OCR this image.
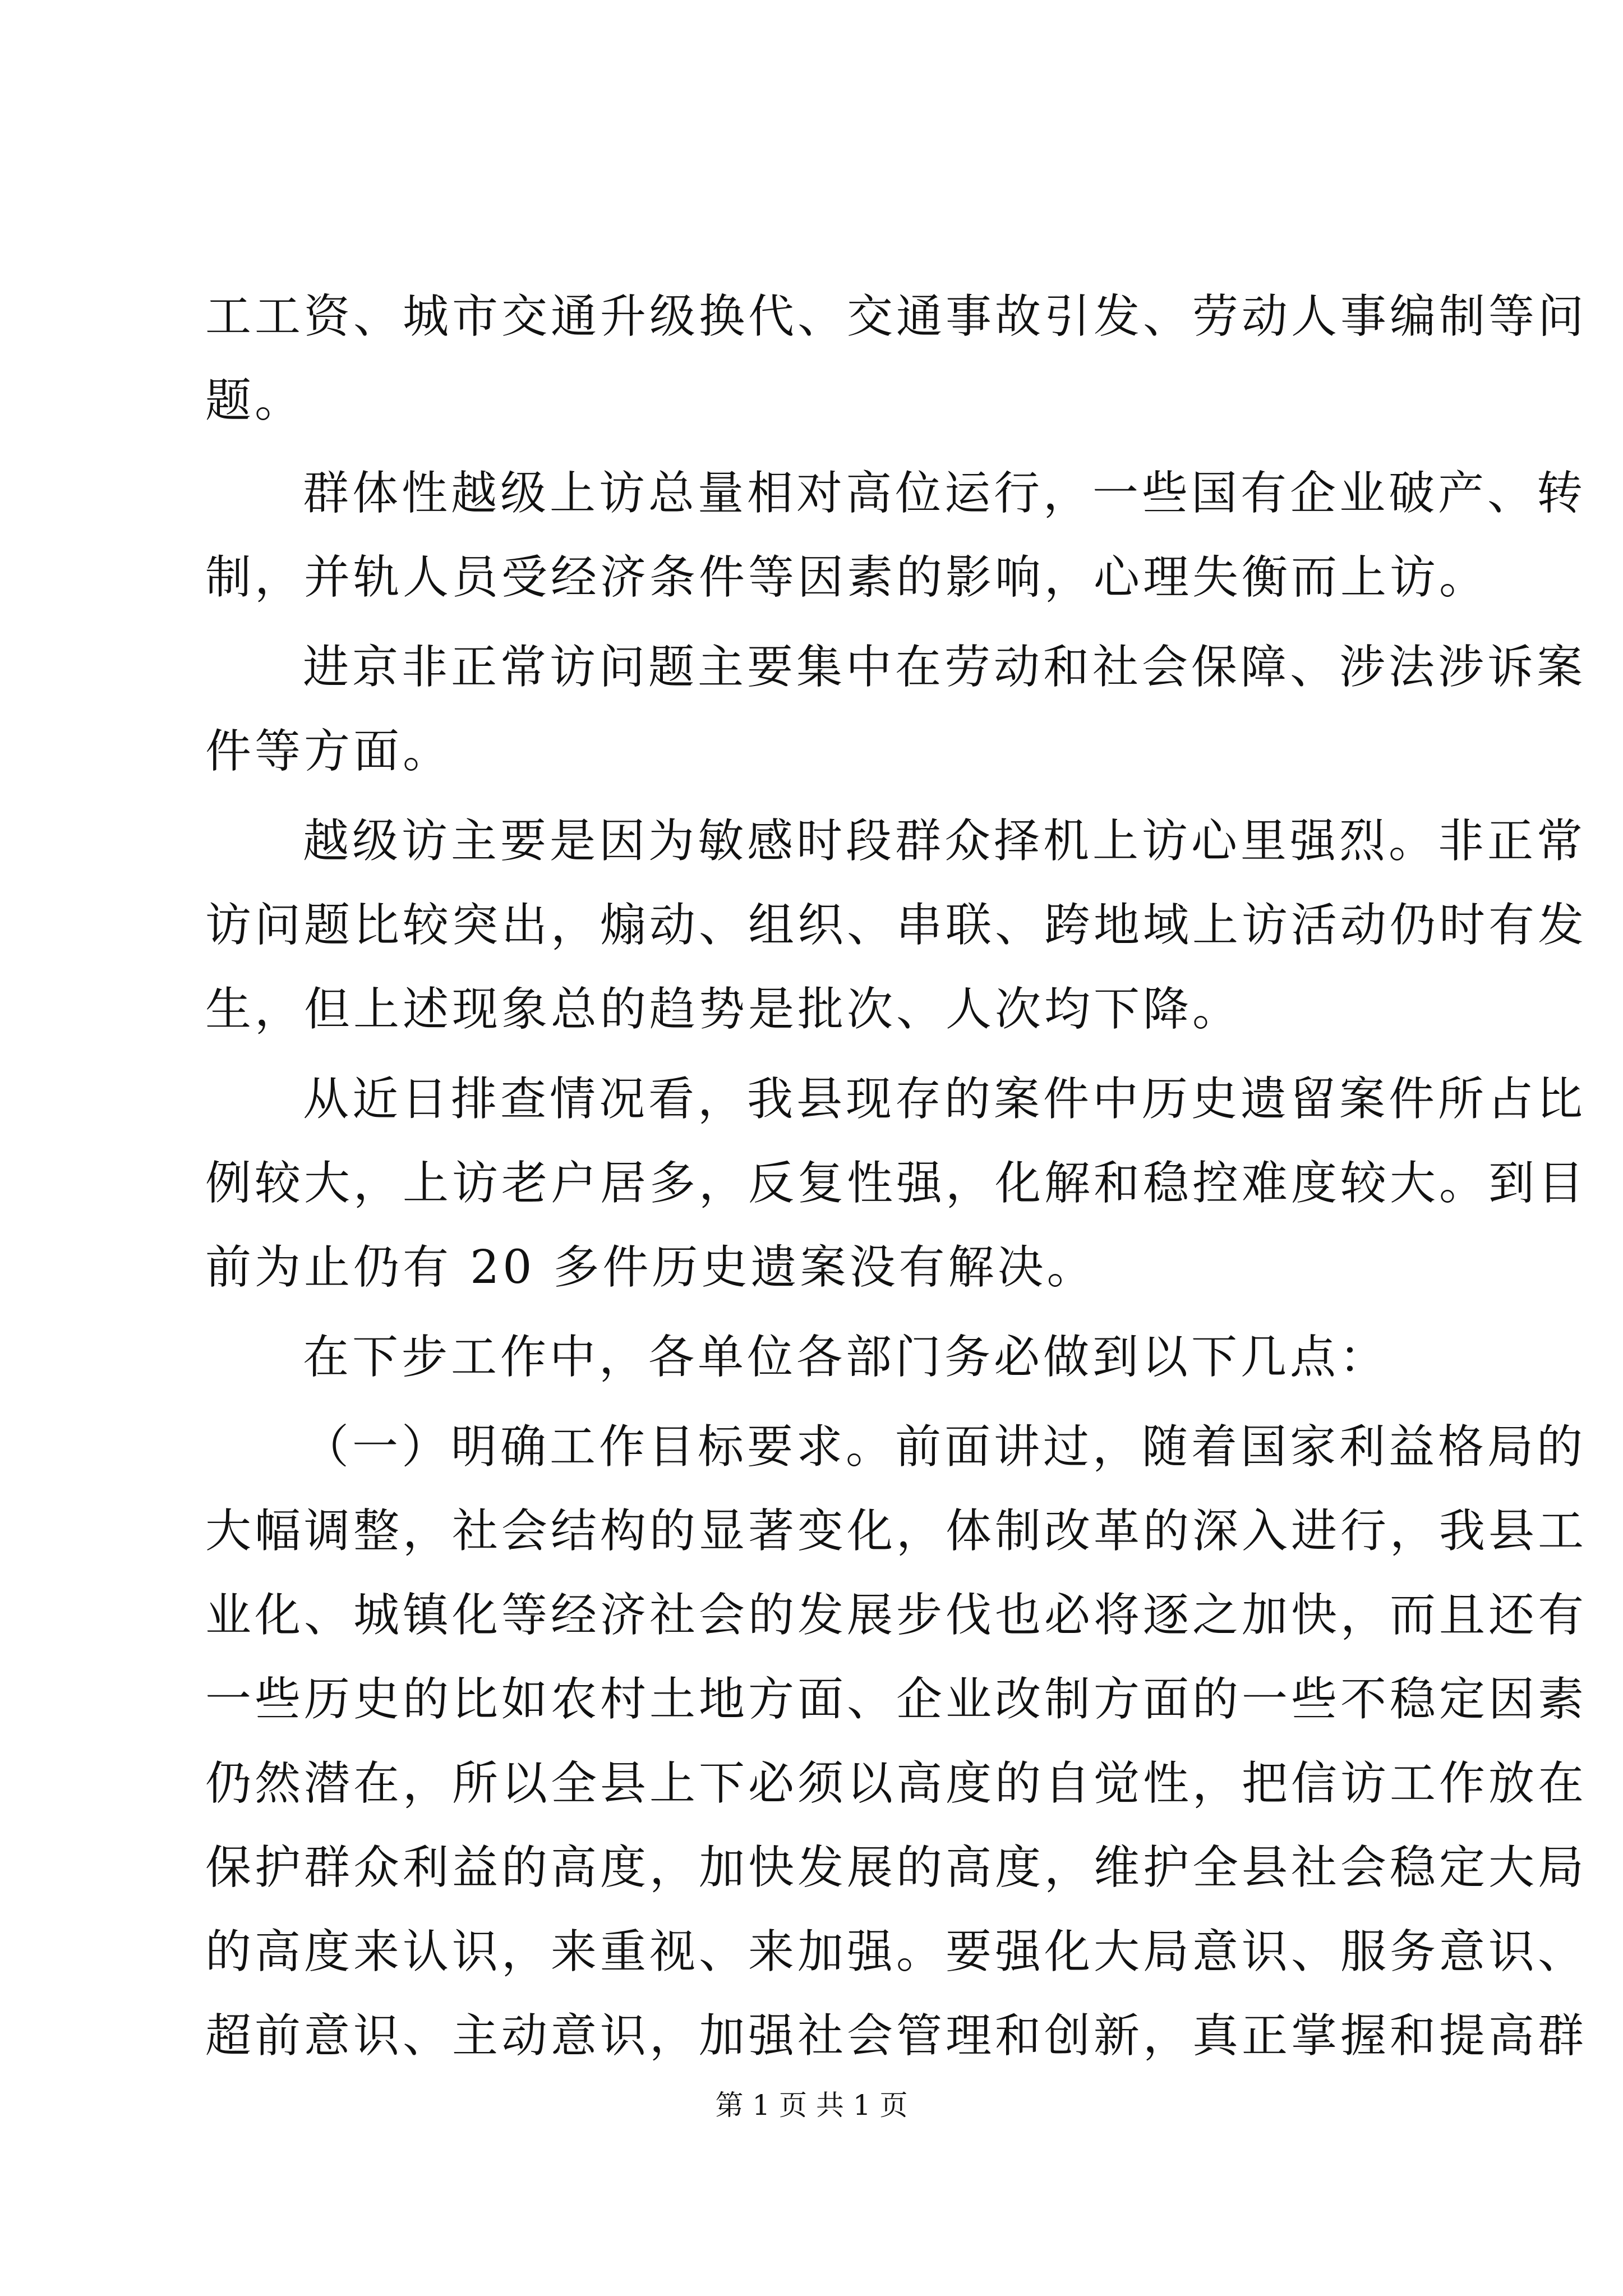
工工资、城市交通升级换代、交通事故引发、劳动人事编制等问
题。
群体性越级上访总量相对高位运行，一些国有企业破产、转
制，并轨人员受经济条件等因素的影响，心理失衡而上访。
进京非正常访问题主要集中在劳动和社会保障、涉法涉诉案
件等方面。
越级访主要是因为敏感时段群众择机上访心里强烈。非正常
访问题比较突出，煽动、组织、串联、跨地域上访活动仍时有发
生，但上述现象总的趋势是批次、人次均下降。
从近日排查情况看，我县现存的案件中历史遗留案件所占比
例较大，上访老户居多，反复性强，化解和稳控难度较大。到目
前为止仍有 20 多件历史遗案没有解决。
在下步工作中，各单位各部门务必做到以下几点：
（一）明确工作目标要求。前面讲过，随着国家利益格局的
大幅调整，社会结构的显著变化，体制改革的深入进行，我县工
业化、城镇化等经济社会的发展步伐也必将逐之加快，而且还有
一些历史的比如农村土地方面、企业改制方面的一些不稳定因素
仍然潜在，所以全县上下必须以高度的自觉性，把信访工作放在
保护群众利益的高度，加快发展的高度，维护全县社会稳定大局
的高度来认识，来重视、来加强。要强化大局意识、服务意识、
超前意识、主动意识，加强社会管理和创新，真正掌握和提高群
第 1 页 共 1 页
